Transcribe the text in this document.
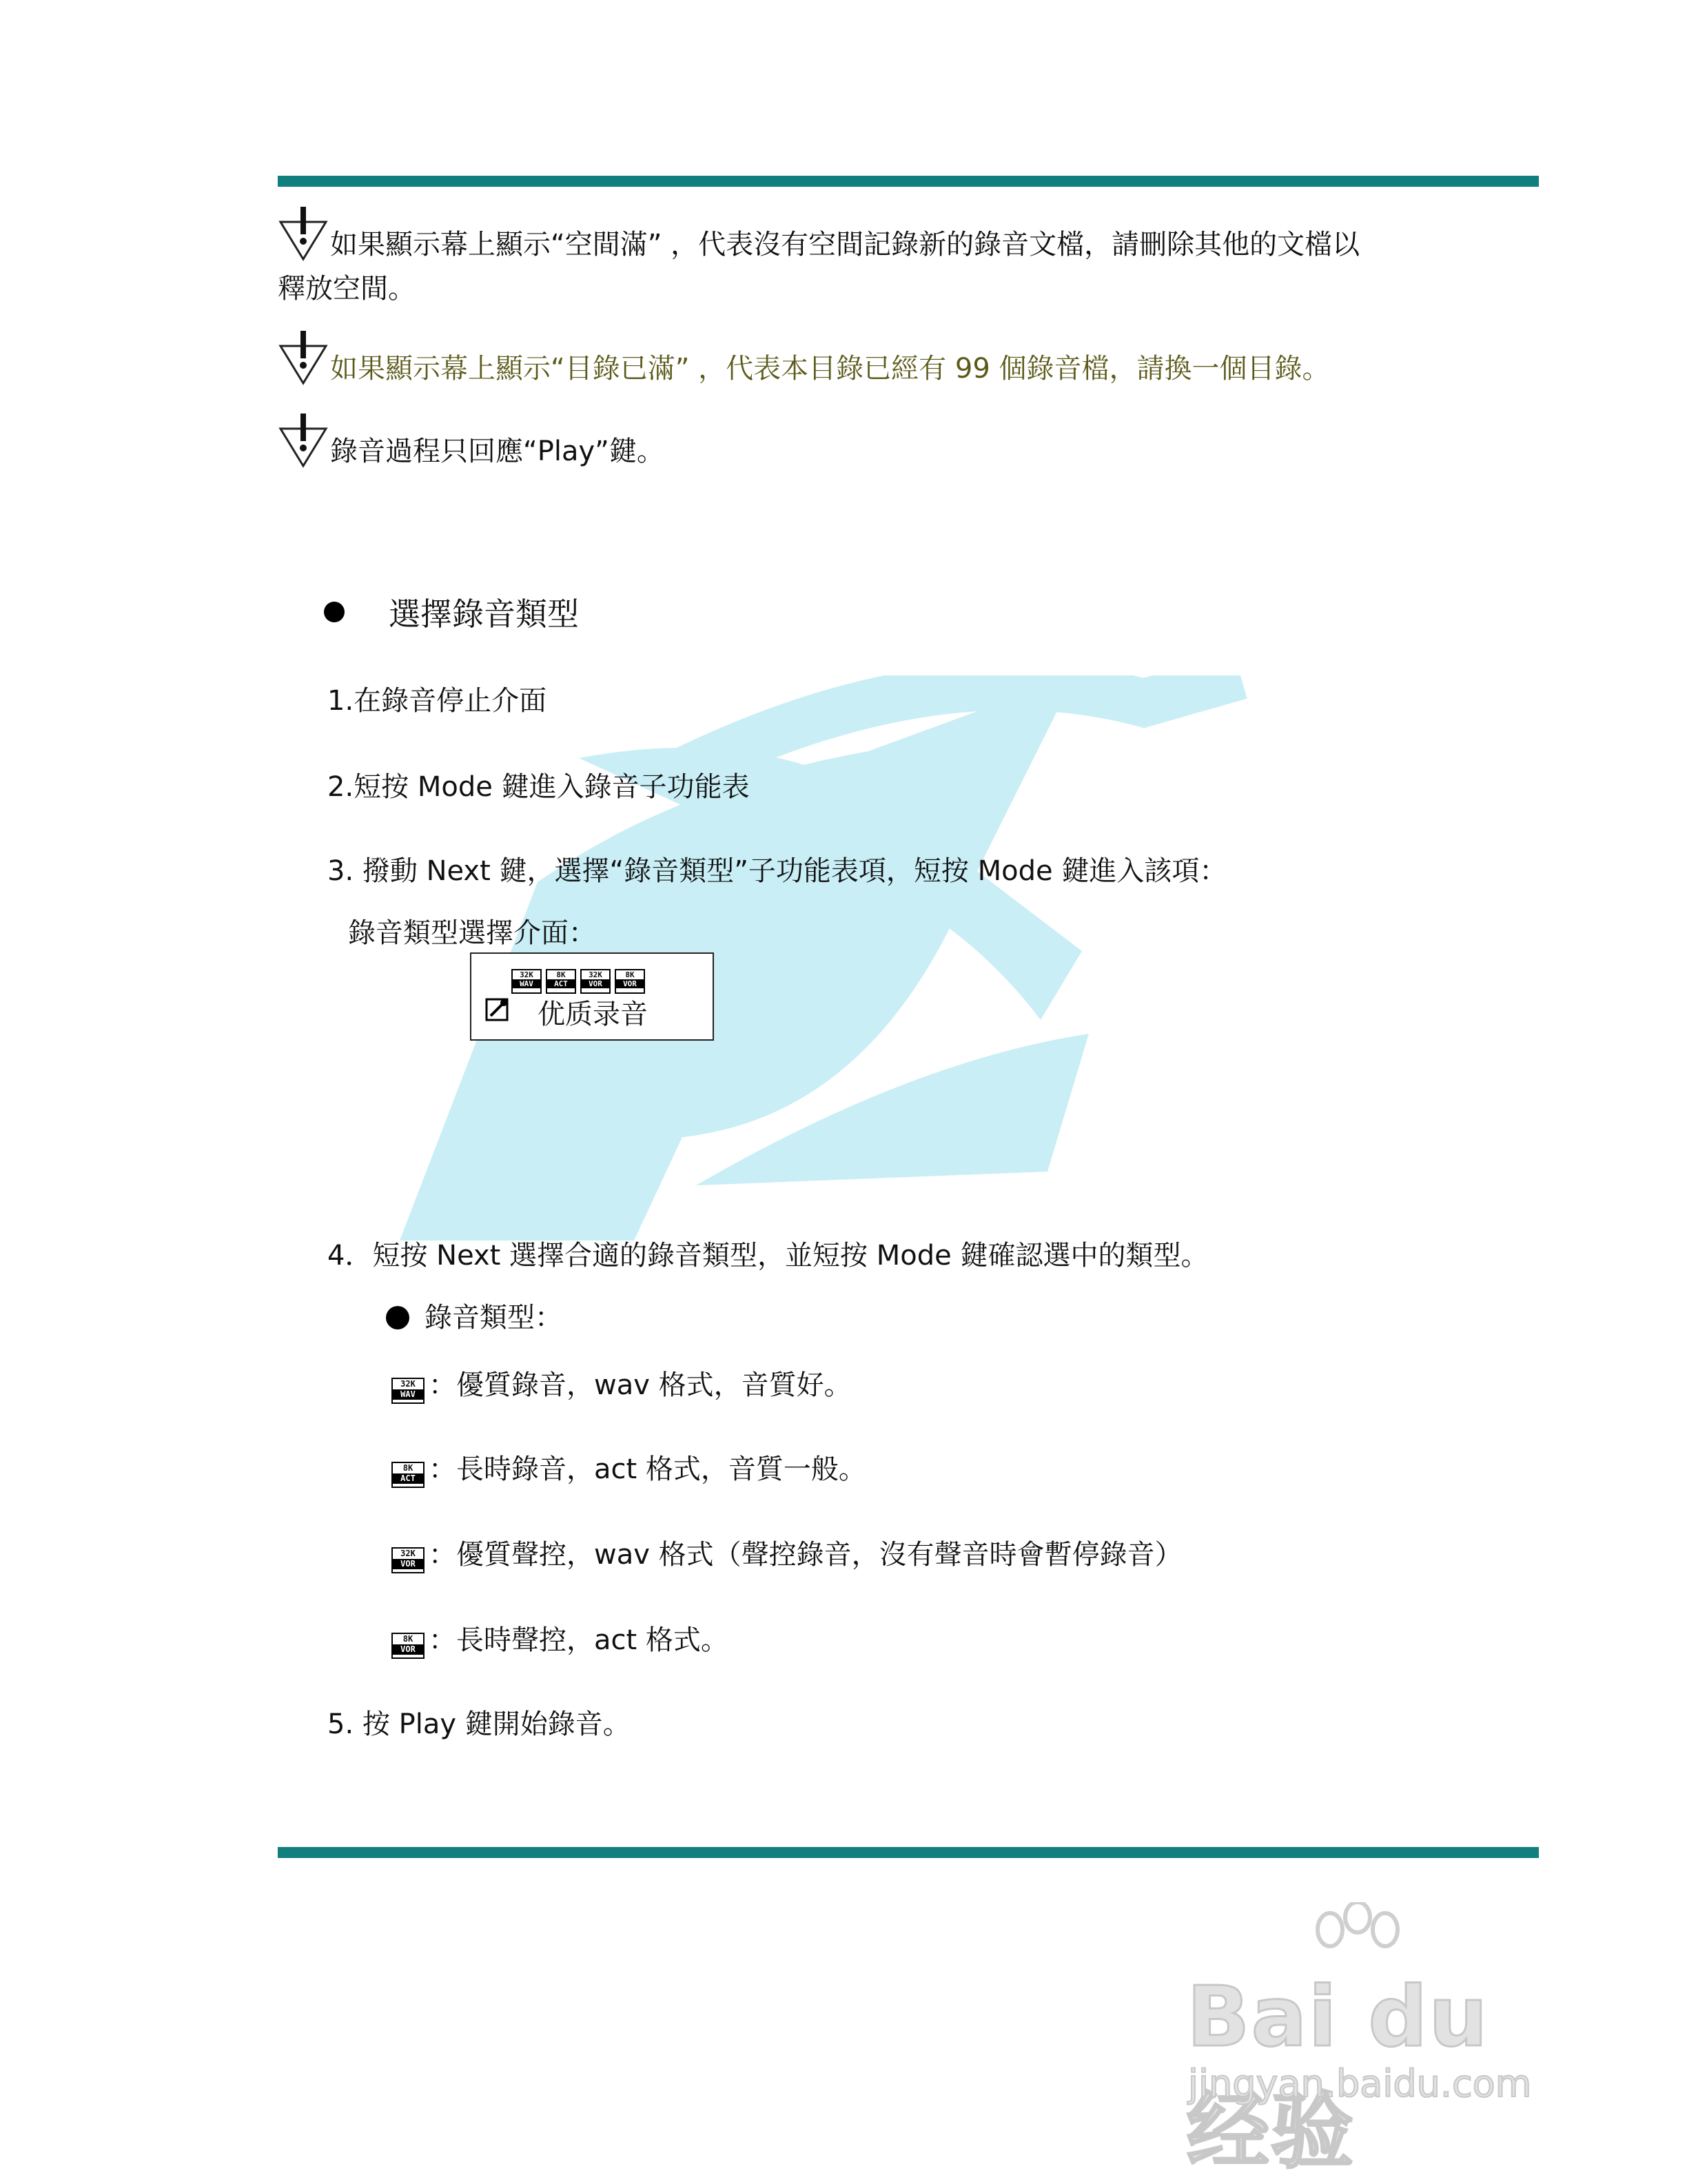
如果顯示幕上顯示“空間滿” ，代表沒有空間記錄新的錄音文檔，請刪除其他的文檔以
釋放空間。
如果顯示幕上顯示“目錄已滿” ，代表本目錄已經有 99 個錄音檔，請換一個目錄。
錄音過程只回應“Play”鍵。
選擇錄音類型
1.在錄音停止介面
2.短按 Mode 鍵進入錄音子功能表
3. 撥動 Next 鍵，選擇“錄音類型”子功能表項，短按 Mode 鍵進入該項：
錄音類型選擇介面：
32K
WAV
8K
ACT
32K
VOR
8K
VOR
优质录音
4．短按 Next 選擇合適的錄音類型，並短按 Mode 鍵確認選中的類型。
錄音類型：
32K
WAV ：優質錄音，wav 格式，音質好。
8K
ACT ：長時錄音，act 格式，音質一般。
32K
VOR ：優質聲控，wav 格式（聲控錄音，沒有聲音時會暫停錄音）
8K
VOR ：長時聲控，act 格式。
5. 按 Play 鍵開始錄音。
Bai du 经验
jingyan.baidu.com
